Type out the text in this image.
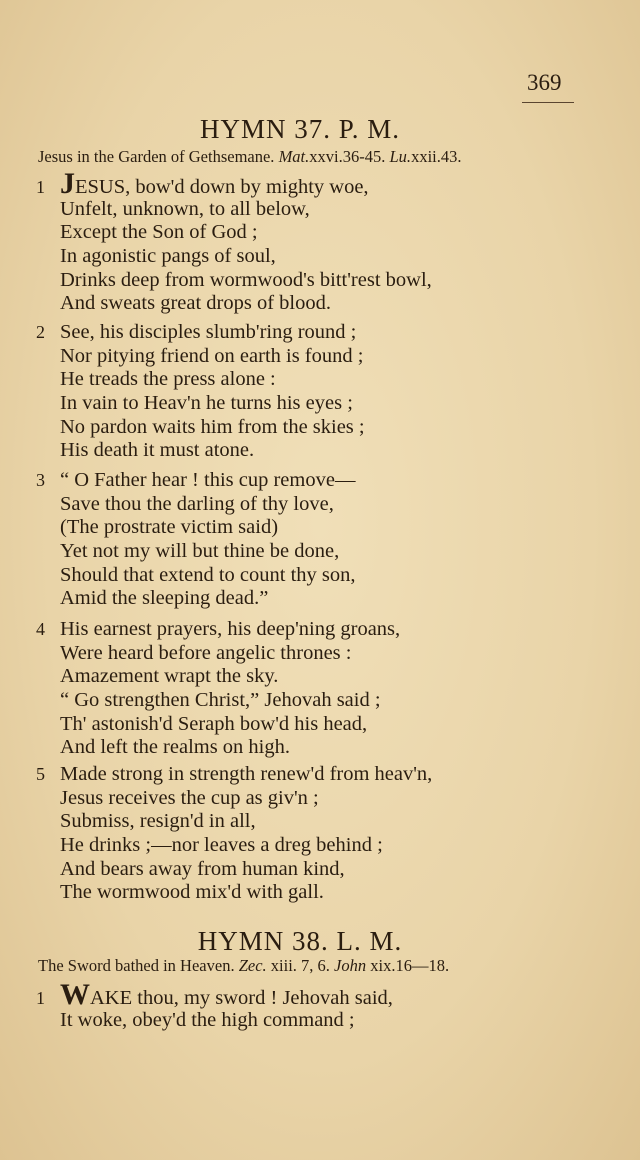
369
HYMN 37. P. M.
Jesus in the Garden of Gethsemane. Mat.xxvi.36-45. Lu.xxii.43.
1 JESUS, bow'd down by mighty woe,
Unfelt, unknown, to all below,
Except the Son of God ;
In agonistic pangs of soul,
Drinks deep from wormwood's bitt'rest bowl,
And sweats great drops of blood.
2 See, his disciples slumb'ring round ;
Nor pitying friend on earth is found ;
He treads the press alone :
In vain to Heav'n he turns his eyes ;
No pardon waits him from the skies ;
His death it must atone.
3 “ O Father hear ! this cup remove—
Save thou the darling of thy love,
(The prostrate victim said)
Yet not my will but thine be done,
Should that extend to count thy son,
Amid the sleeping dead.”
4 His earnest prayers, his deep'ning groans,
Were heard before angelic thrones :
Amazement wrapt the sky.
“ Go strengthen Christ,” Jehovah said ;
Th' astonish'd Seraph bow'd his head,
And left the realms on high.
5 Made strong in strength renew'd from heav'n,
Jesus receives the cup as giv'n ;
Submiss, resign'd in all,
He drinks ;—nor leaves a dreg behind ;
And bears away from human kind,
The wormwood mix'd with gall.
HYMN 38. L. M.
The Sword bathed in Heaven. Zec. xiii. 7, 6. John xix.16—18.
1 WAKE thou, my sword ! Jehovah said,
It woke, obey'd the high command ;
